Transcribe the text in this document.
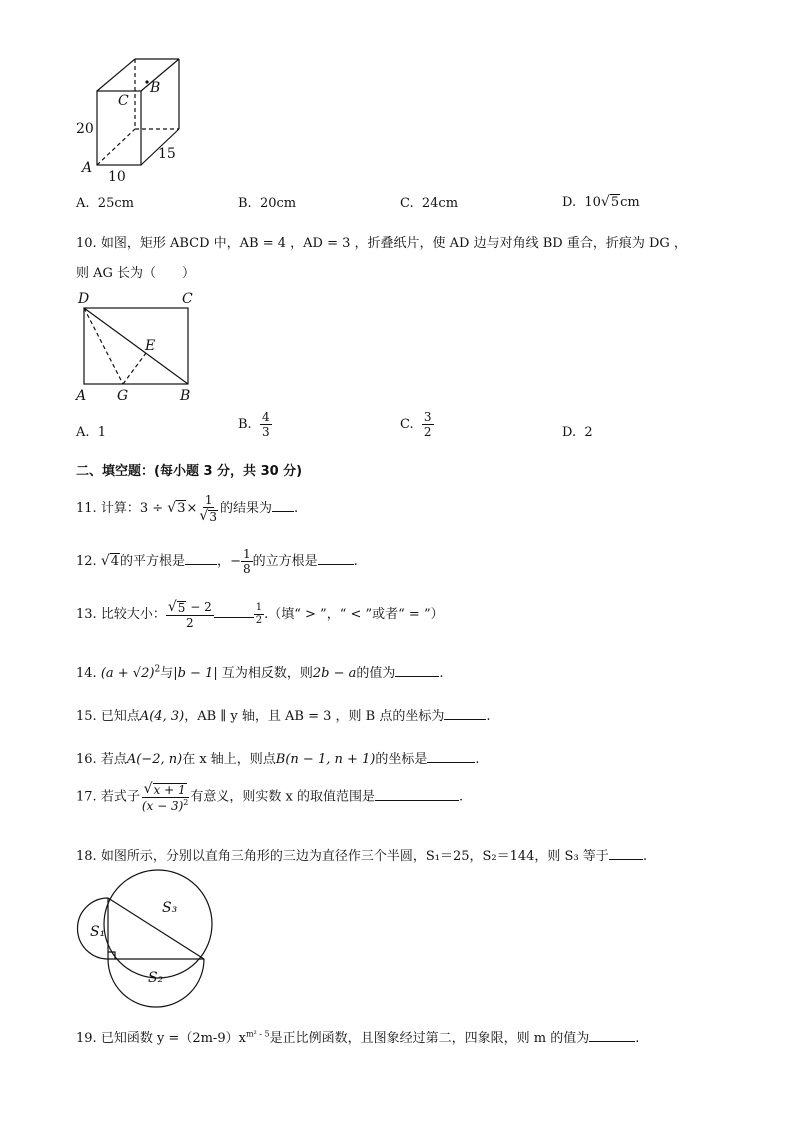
C
B
A
20
10
15
A. 25cm	B. 20cm	C. 24cm	D. 10 √ 5 cm
10. 如图，矩形 ABCD 中，AB = 4 ，AD = 3 ，折叠纸片，使 AD 边与对角线 BD 重合，折痕为 DG ，
则 AG 长为（　　）
D	C
E
A G	B
A. 1
B. $\frac{4}{3}$	C. $\frac{3}{2}$	D. 2
二、填空题：(每小题 3 分，共 30 分)
11. 计算：3 ÷ √ $3 \times \frac{1}{√ 3}$ 的结果为 .
12. √ 4 的平方根是 ，− $\frac{1}{8}$ 的立方根是	.
13. 比较大小： $\frac{√ 5 - 2}{2}$	$\frac{1}{2}$ .（填“ > ”，“ < ”或者“ = ”）
14. $(a + √2)^2$与|b − 1| 互为相反数，则2b − a的值为	.
15. 已知点A(4, 3)，AB ∥ y 轴，且 AB = 3 ，则 B 点的坐标为	.
16. 若点A(−2, n)在 x 轴上，则点B(n − 1, n + 1)的坐标是	.
17. 若式子 $\frac{√ x + 1}{(x - 3)^2}$ 有意义，则实数 x 的取值范围是	.
18. 如图所示，分别以直角三角形的三边为直径作三个半圆，S₁＝25，S₂＝144，则 S₃ 等于	.
S₁
S₃
S₂
19. 已知函数 $y =(2m-9)x^{m^2 - 5}$是正比例函数，且图象经过第二，四象限，则 m 的值为	.
